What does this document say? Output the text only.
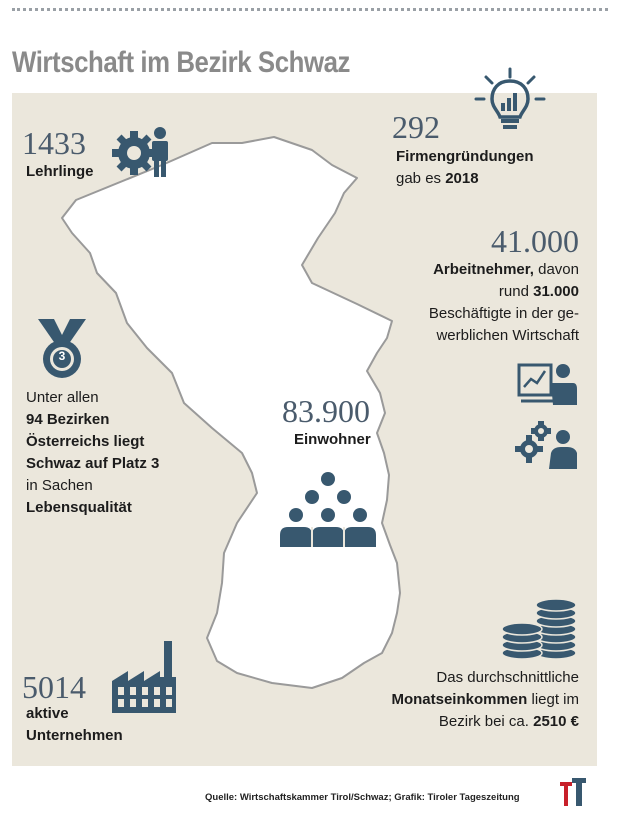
Wirtschaft im Bezirk Schwaz
1433
Lehrlinge
292
Firmengründungen
gab es 2018
41.000
Arbeitnehmer, davon
rund 31.000
Beschäftigte in der ge-
werblichen Wirtschaft
3
Unter allen
94 Bezirken
Österreichs liegt
Schwaz auf Platz 3
in Sachen
Lebensqualität
83.900
Einwohner
5014
aktive
Unternehmen
Das durchschnittliche
Monatseinkommen liegt im
Bezirk bei ca. 2510 €
Quelle: Wirtschaftskammer Tirol/Schwaz; Grafik: Tiroler Tageszeitung
